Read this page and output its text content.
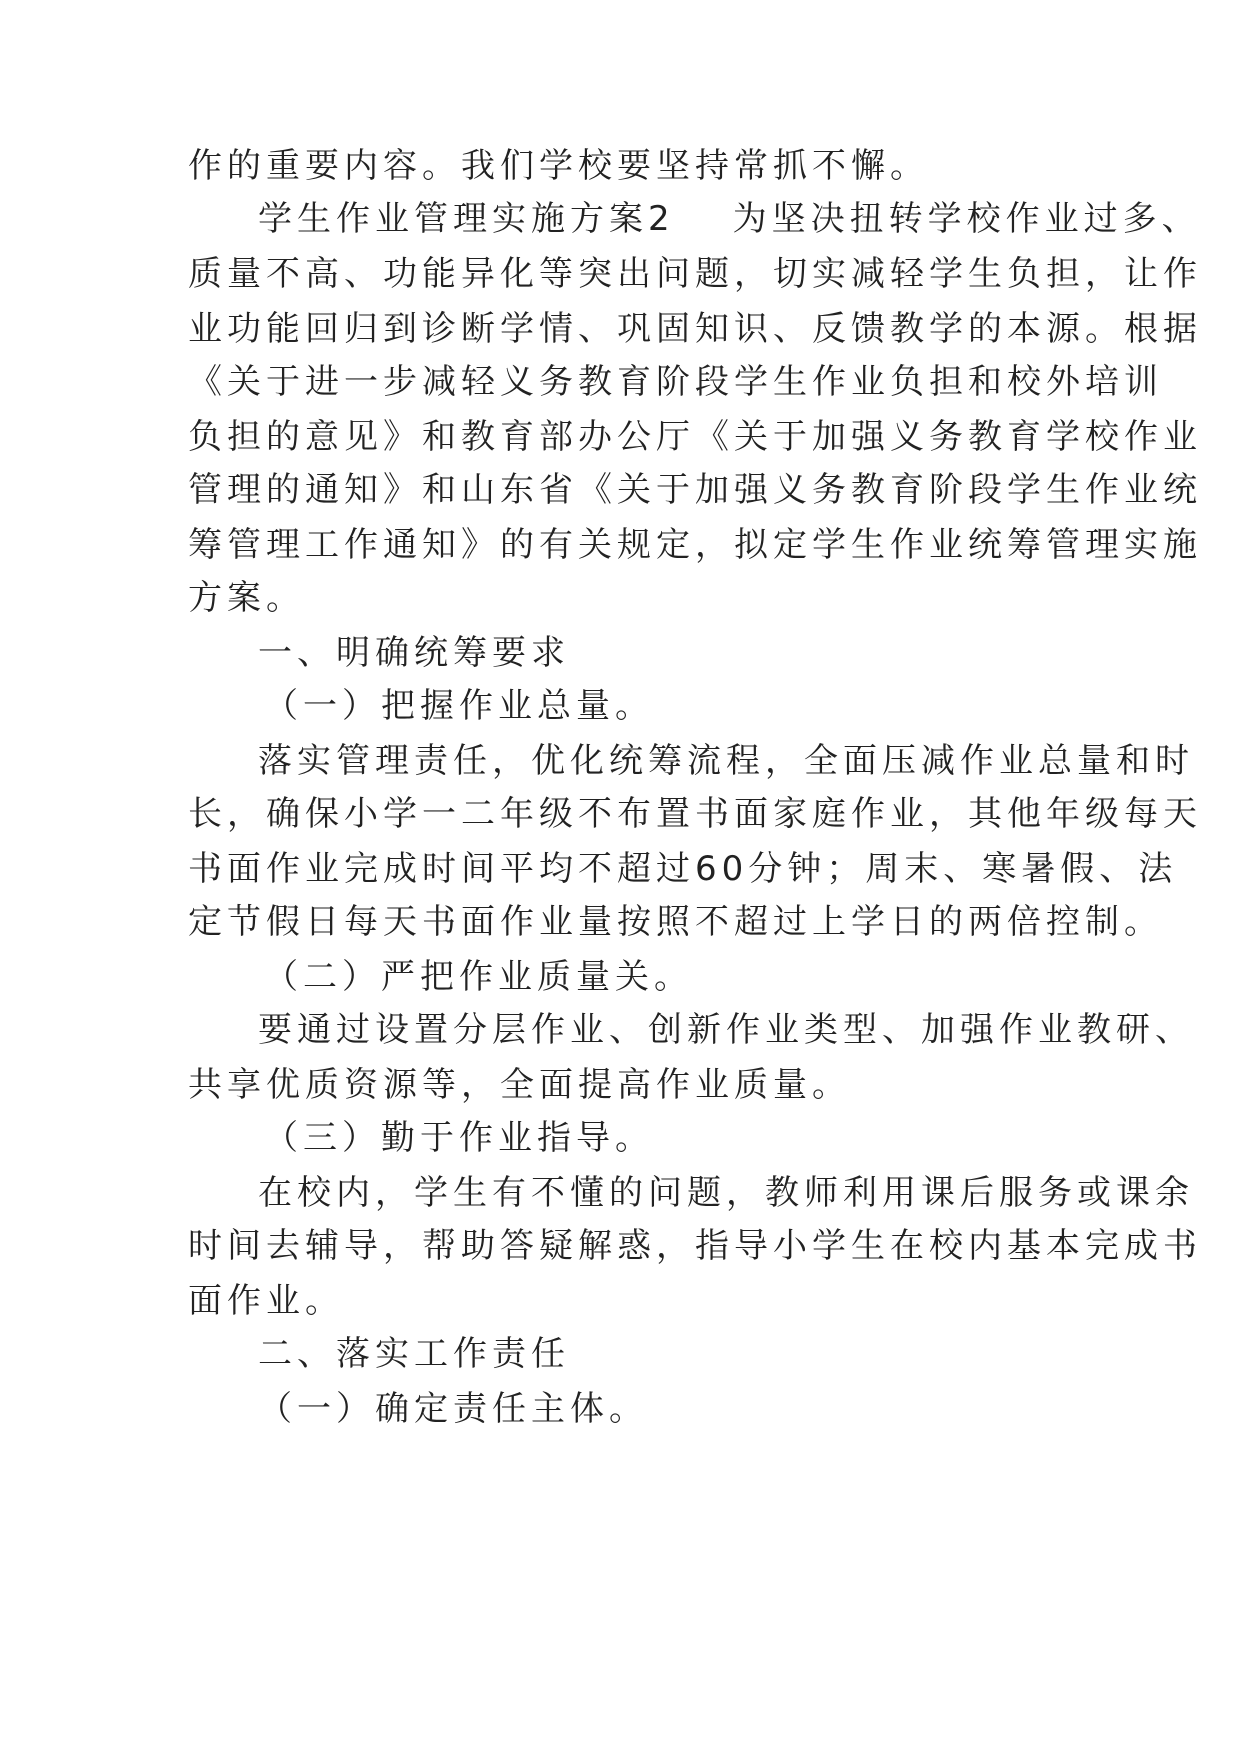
作的重要内容。我们学校要坚持常抓不懈。
学生作业管理实施方案2 为坚决扭转学校作业过多、
质量不高、功能异化等突出问题，切实减轻学生负担，让作
业功能回归到诊断学情、巩固知识、反馈教学的本源。根据
《关于进一步减轻义务教育阶段学生作业负担和校外培训
负担的意见》和教育部办公厅《关于加强义务教育学校作业
管理的通知》和山东省《关于加强义务教育阶段学生作业统
筹管理工作通知》的有关规定，拟定学生作业统筹管理实施
方案。
一、明确统筹要求
（一）把握作业总量。
落实管理责任，优化统筹流程，全面压减作业总量和时
长，确保小学一二年级不布置书面家庭作业，其他年级每天
书面作业完成时间平均不超过60分钟；周末、寒暑假、法
定节假日每天书面作业量按照不超过上学日的两倍控制。
（二）严把作业质量关。
要通过设置分层作业、创新作业类型、加强作业教研、
共享优质资源等，全面提高作业质量。
（三）勤于作业指导。
在校内，学生有不懂的问题，教师利用课后服务或课余
时间去辅导，帮助答疑解惑，指导小学生在校内基本完成书
面作业。
二、落实工作责任
（一）确定责任主体。
